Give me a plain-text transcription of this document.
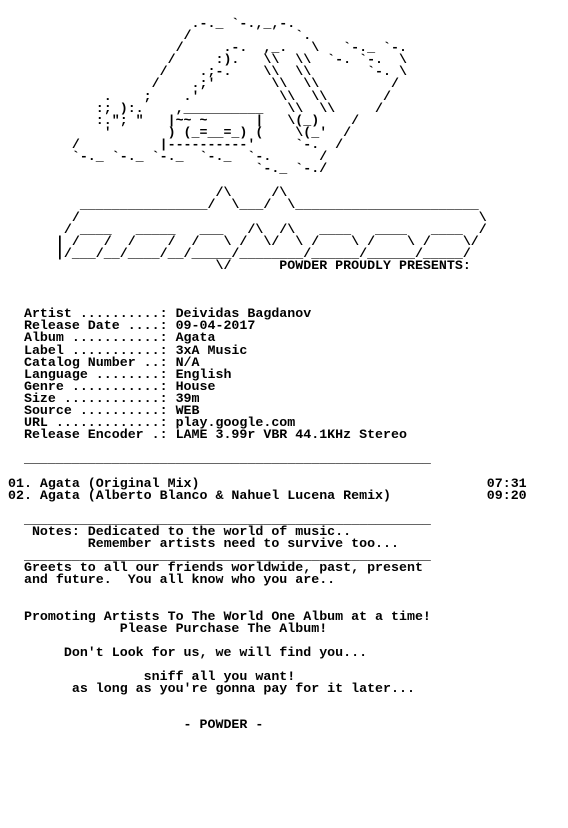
.-._ `-.,_,-.
/             `.
/     .-.  ,_.   \   `-._ `-.
/     :).   \\  \\  `-. `-.  \
/    .;-.    \\  \\       `-. \
/    .;'       \\  \\         /
.    ;    .'          \\  \\       /
:; ):.    ,__________   \\  \\     /
:."; "   |~~ ~      |   \(_)    /
'       ) (_=__=_) (    \(_'  /
/          |----------'     `-.  /
`-._ `-._ `-._  `-._  `-.      /
`-._ `-./

/\     /\
________________/  \___/  \_______________________
/                                                  \
/ ____   _____   ___   /\  /\   ____   ____   ____  /
| /   /  /    /  /   \ /  \/  \ /    \ /    \ /    \/
|/___/__/____/__/_____/________/______/______/_____/
\/      POWDER PROUDLY PRESENTS:

Artist ..........: Deividas Bagdanov
Release Date ....: 09-04-2017
Album ...........: Agata
Label ...........: 3xA Music
Catalog Number ..: N/A
Language ........: English
Genre ...........: House
Size ............: 39m
Source ..........: WEB
URL .............: play.google.com
Release Encoder .: LAME 3.99r VBR 44.1KHz Stereo

___________________________________________________

01. Agata (Original Mix)                                    07:31
02. Agata (Alberto Blanco & Nahuel Lucena Remix)            09:20

___________________________________________________
Notes: Dedicated to the world of music..
Remember artists need to survive too...
___________________________________________________
Greets to all our friends worldwide, past, present
and future.  You all know who you are..

Promoting Artists To The World One Album at a time!
Please Purchase The Album!

Don't Look for us, we will find you...

sniff all you want!
as long as you're gonna pay for it later...

- POWDER -
